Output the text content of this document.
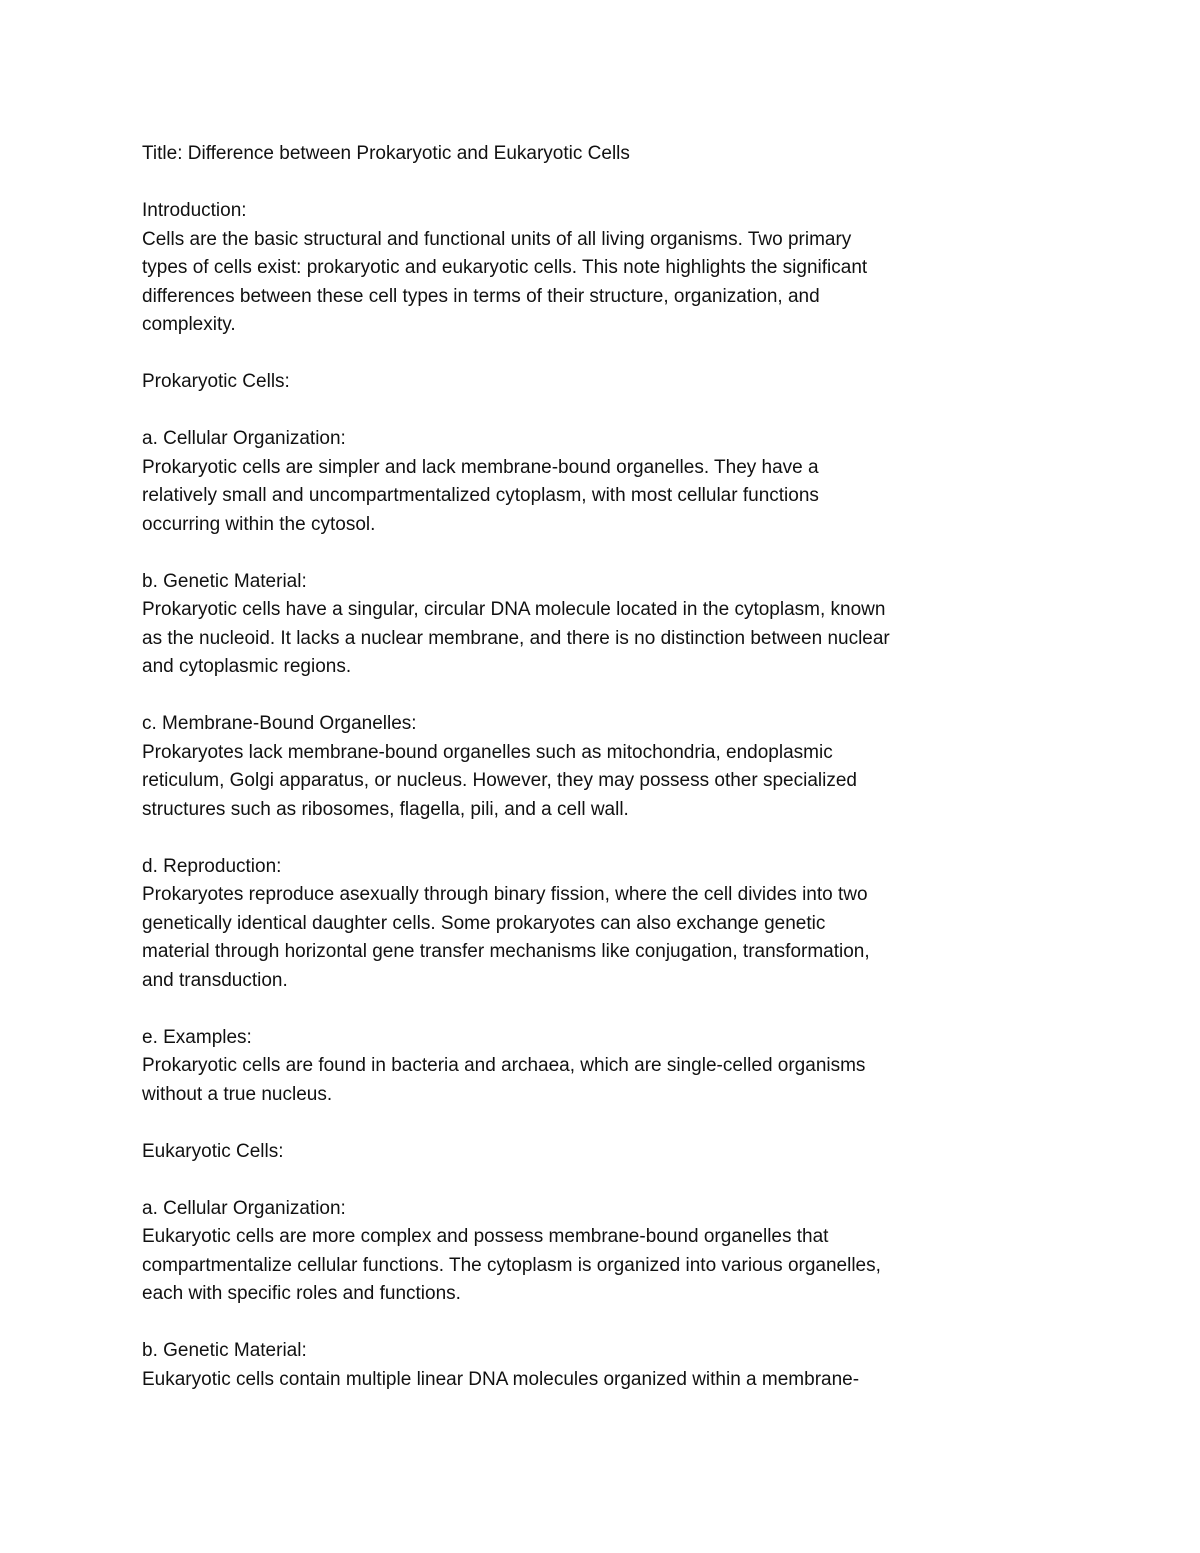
Title: Difference between Prokaryotic and Eukaryotic Cells
Introduction:
Cells are the basic structural and functional units of all living organisms. Two primary
types of cells exist: prokaryotic and eukaryotic cells. This note highlights the significant
differences between these cell types in terms of their structure, organization, and
complexity.
Prokaryotic Cells:
a. Cellular Organization:
Prokaryotic cells are simpler and lack membrane-bound organelles. They have a
relatively small and uncompartmentalized cytoplasm, with most cellular functions
occurring within the cytosol.
b. Genetic Material:
Prokaryotic cells have a singular, circular DNA molecule located in the cytoplasm, known
as the nucleoid. It lacks a nuclear membrane, and there is no distinction between nuclear
and cytoplasmic regions.
c. Membrane-Bound Organelles:
Prokaryotes lack membrane-bound organelles such as mitochondria, endoplasmic
reticulum, Golgi apparatus, or nucleus. However, they may possess other specialized
structures such as ribosomes, flagella, pili, and a cell wall.
d. Reproduction:
Prokaryotes reproduce asexually through binary fission, where the cell divides into two
genetically identical daughter cells. Some prokaryotes can also exchange genetic
material through horizontal gene transfer mechanisms like conjugation, transformation,
and transduction.
e. Examples:
Prokaryotic cells are found in bacteria and archaea, which are single-celled organisms
without a true nucleus.
Eukaryotic Cells:
a. Cellular Organization:
Eukaryotic cells are more complex and possess membrane-bound organelles that
compartmentalize cellular functions. The cytoplasm is organized into various organelles,
each with specific roles and functions.
b. Genetic Material:
Eukaryotic cells contain multiple linear DNA molecules organized within a membrane-
